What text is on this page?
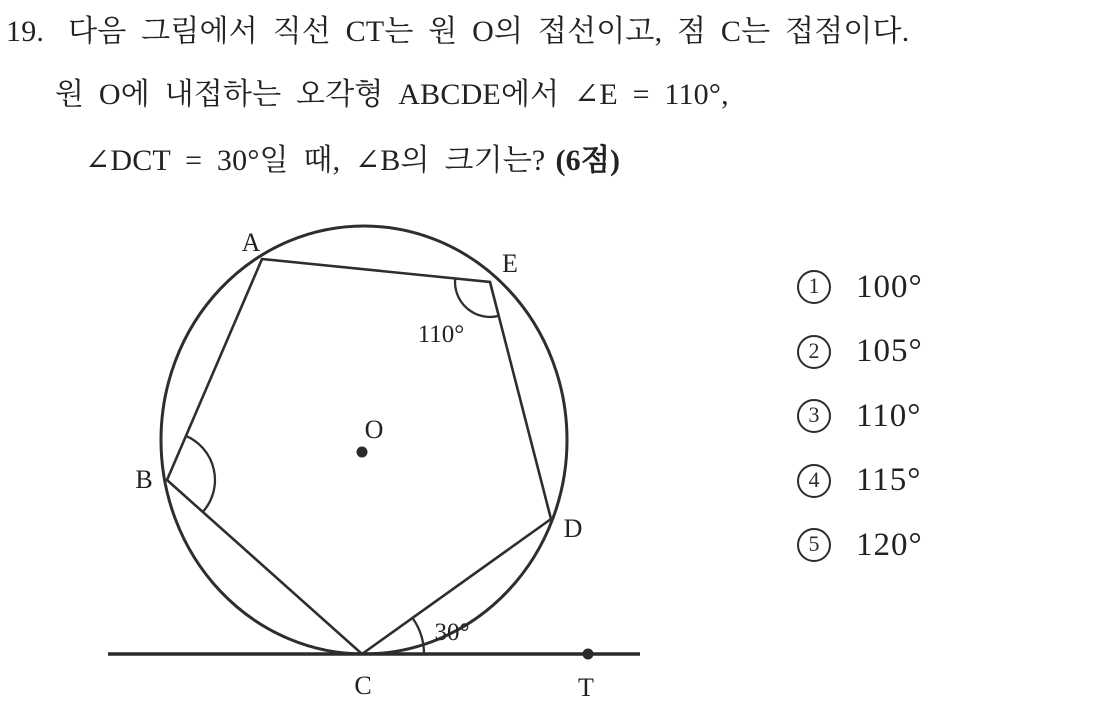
19. 다음 그림에서 직선 CT는 원 O의 접선이고, 점 C는 접점이다.
원 O에 내접하는 오각형 ABCDE에서 ∠E = 110°,
∠DCT = 30°일 때, ∠B의 크기는? (6점)
A
B
C
D
E
O
T
110°
30°
1	100°
2	105°
3	110°
4	115°
5	120°
